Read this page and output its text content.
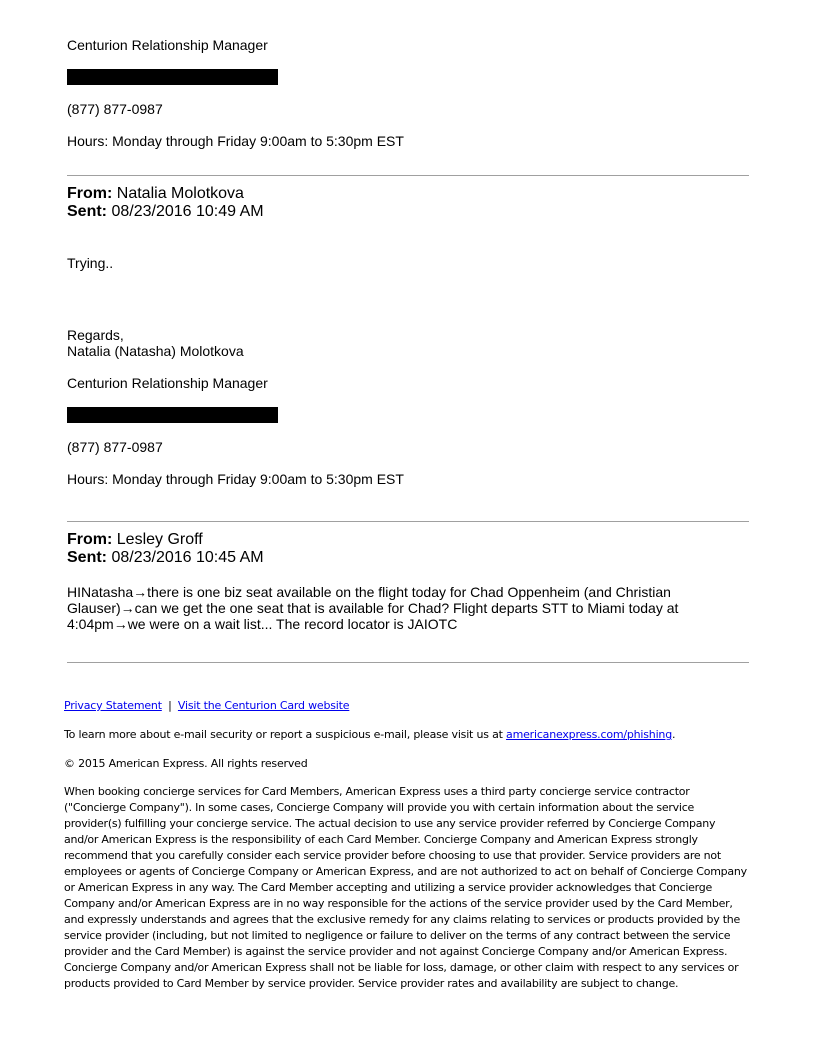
Centurion Relationship Manager
(877) 877-0987
Hours: Monday through Friday 9:00am to 5:30pm EST
From: Natalia Molotkova
Sent: 08/23/2016 10:49 AM
Trying..
Regards,
Natalia (Natasha) Molotkova
Centurion Relationship Manager
(877) 877-0987
Hours: Monday through Friday 9:00am to 5:30pm EST
From: Lesley Groff
Sent: 08/23/2016 10:45 AM
HINatasha→there is one biz seat available on the flight today for Chad Oppenheim (and Christian
Glauser)→can we get the one seat that is available for Chad? Flight departs STT to Miami today at
4:04pm→we were on a wait list... The record locator is JAIOTC
Privacy Statement | Visit the Centurion Card website
To learn more about e-mail security or report a suspicious e-mail, please visit us at americanexpress.com/phishing.
© 2015 American Express. All rights reserved
When booking concierge services for Card Members, American Express uses a third party concierge service contractor ("Concierge Company"). In some cases, Concierge Company will provide you with certain information about the service provider(s) fulfilling your concierge service. The actual decision to use any service provider referred by Concierge Company and/or American Express is the responsibility of each Card Member. Concierge Company and American Express strongly recommend that you carefully consider each service provider before choosing to use that provider. Service providers are not employees or agents of Concierge Company or American Express, and are not authorized to act on behalf of Concierge Company or American Express in any way. The Card Member accepting and utilizing a service provider acknowledges that Concierge Company and/or American Express are in no way responsible for the actions of the service provider used by the Card Member, and expressly understands and agrees that the exclusive remedy for any claims relating to services or products provided by the service provider (including, but not limited to negligence or failure to deliver on the terms of any contract between the service provider and the Card Member) is against the service provider and not against Concierge Company and/or American Express. Concierge Company and/or American Express shall not be liable for loss, damage, or other claim with respect to any services or products provided to Card Member by service provider. Service provider rates and availability are subject to change.
